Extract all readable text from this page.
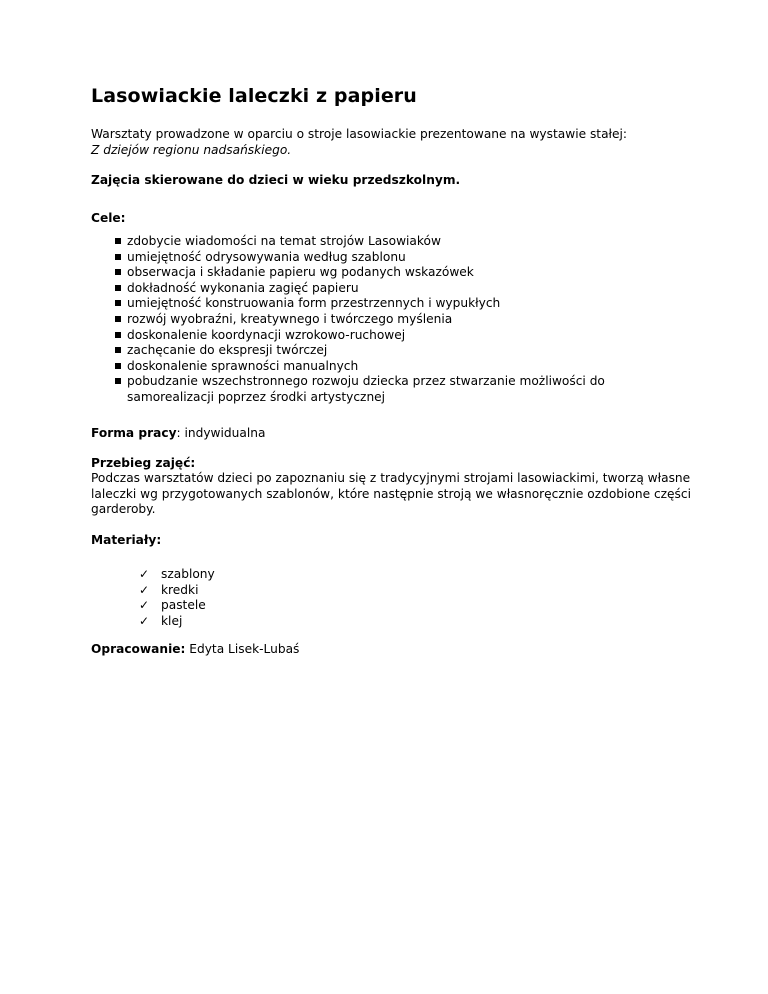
Lasowiackie laleczki z papieru

Warsztaty prowadzone w oparciu o stroje lasowiackie prezentowane na wystawie stałej:
Z dziejów regionu nadsańskiego.

Zajęcia skierowane do dzieci w wieku przedszkolnym.

Cele:

zdobycie wiadomości na temat strojów Lasowiaków
umiejętność odrysowywania według szablonu
obserwacja i składanie papieru wg podanych wskazówek
dokładność wykonania zagięć papieru
umiejętność konstruowania form przestrzennych i wypukłych
rozwój wyobraźni, kreatywnego i twórczego myślenia
doskonalenie koordynacji wzrokowo-ruchowej
zachęcanie do ekspresji twórczej
doskonalenie sprawności manualnych
pobudzanie wszechstronnego rozwoju dziecka przez stwarzanie możliwości do samorealizacji poprzez środki artystycznej

Forma pracy: indywidualna

Przebieg zajęć:

Podczas warsztatów dzieci po zapoznaniu się z tradycyjnymi strojami lasowiackimi, tworzą własne laleczki wg przygotowanych szablonów, które następnie stroją we własnoręcznie ozdobione części garderoby.

Materiały:

✓ szablony
✓ kredki
✓ pastele
✓ klej

Opracowanie: Edyta Lisek-Lubaś
